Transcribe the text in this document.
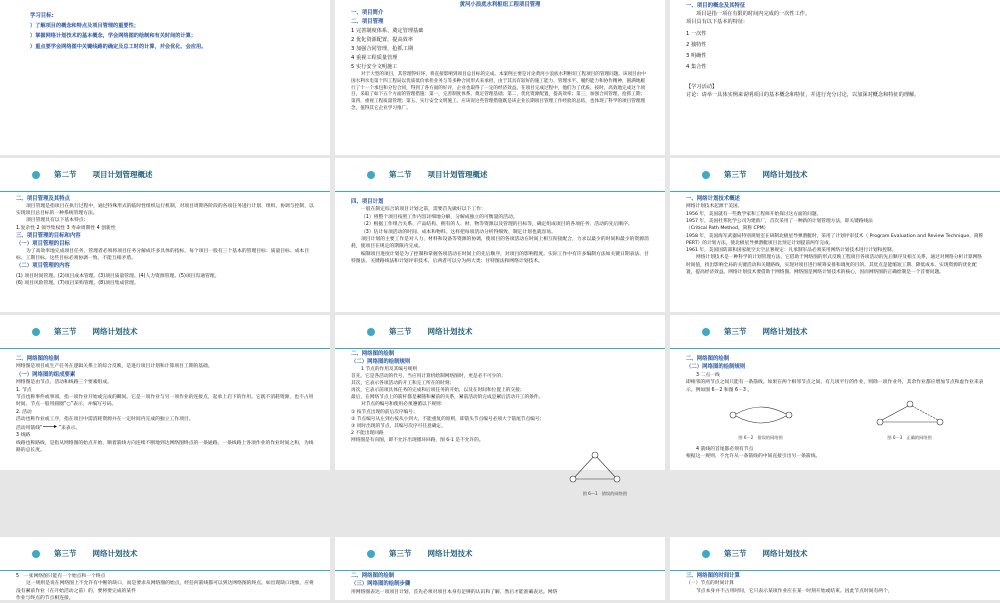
学习目标:
）了解项目的概念和特点及项目管理的重要性；
）掌握网络计划技术的基本概念，学会网络图的绘制和有关时间的计算；
）重点要学会网络图中关键线路的确定及总工时的计算，并会优化、会应用。
黄河小浪底水利枢纽工程项目管理
一、项目简介
二、项目管理
1 完善制度体系、奠定管理基础
2 优化资源配置，提高效率
3 加强合同管理，抢抓工期
4 重视工程质量管理
5 实行安全文明施工

对于大型的项目，其管理得好坏，将直接影响到项目总目标的完成。本案例主要是讨论黄河小浪底水利枢纽工程项目的管理问题。该项目由中国水利水电第十四工程局以优质低价承担业务与等多种合同形式来承担，由于其具有较好的施工能力、管理水平、履约能力和协作精神，圆满地履行了十一个承包和分包合同，得到了各方面的好评，企业也取得了一定的经济效益。在项目完成过程中，他们为了优质、按时、高效地完成这个项目，采取了如下五个方面的管理措施：第一，完善制度体系、奠定管理基础；第二，优化资源配置，提高效率；第三，加强合同管理，抢抓工期；第四，重视工程质量管理；第五，实行安全文明施工。应该说这些管理措施既是该企业长期项目管理工作经验的总结，也体现了科学的项目管理理念，值得其它企业学习推广。

一、项目的概念及其特征

项目是指一项在有限的时间内完成的一次性工作。

项目具有以下基本的特征:

1 一次性
2 独特性
3 明确性
4 集合性

【学习活动】

讨论：请举一具体实例来说明项目的基本概念和特征，并进行充分讨论，以加深对概念和特征的理解。

第二节 项目计划管理概述
二、项目管理及其特点

项目管理是指项目在执行过程中，通过特殊形式的临时性组织运行机制，对项目周期各阶段的各项任务进行计划、组织、协调与控制，以实现项目总目标的一种系统管理方法。

项目管理具有以下基本特点:

1.复杂性 2 领导集权性 3 寿命周期性 4 创新性

三、项目管理的目标和内容
（一）项目管理的目标

为了高效率地完成项目任务，管理者必须将项目任务分解成许多具体的指标，每个项目一般有三个基本的管理目标：质量目标、成本目标、工期目标。这些目标必须协调一致、不能互相矛盾。

（二）项目管理的内容

(1) 项目时间管理。(2)项目成本管理。(3)项目质量管理。(4)人力资源管理。(5)项目沟通管理。

(6) 项目风险管理。(7)项目采购管理。(8)项目集成管理。

第二节 项目计划管理概述
四、项目计划

一般在制定综合的项目计划之前，需要首先做好以下工作：

（1）将整个项目按照工作内容详细地分解，分解成独立的可衡量的活动。

（2）根据工作组合关系、产品结构、拥有的人、财、物等资源以及管理的目标等，确定组成项目的各项任务、活动的先后顺序。

（3）估计每项活动的时间、成本和物料。这样把每项活动分析得细致、制定计划也就容易。

项目计划的主要工作是对人力、材料和设备等资源的协调，使项目的各项活动在时间上相互衔接配合，力求以最少的时间和最少的资源消耗，使项目在规定的期限内完成。

编制项目进度计划是为了控制和掌握各项活动在时间上的先后顺序，对项目的影响程度。实际工作中有许多编制方法如关键日期表法、甘特图法、关键路线法和计划评审技术，后两者可以分为两大类：甘特图法和网络计划技术。

第三节 网络计划技术
一、网络计划技术概述

网络计划技术起源于美国。

1956 年，美国就有一些数学家和工程师开始探讨这方面的问题。

1957 年，美国杜邦化学公司为建新厂，首次采用了一种新的计划管理方法，即关键路线法

（Critical Path Method，简称 CPM）

1958 年，美国海军武器局特别规划室在研制北极星导弹潜艇时，采用了计划评审技术（ Program Evaluation and Review Technique，简称 PERT）的计划方法，使北极星导弹潜艇项目比预定计划提前两年完成。

1961 年，美国国防部和国家航空太空总署规定：凡承制军品必须采用网络计划技术进行计划和控制。

网络计划技术是一种科学的计划管理方法，它借助于网络图的形式反映工程项目各项活动的先后顺序及相互关系，通过对网络分析计算网络时间值，找出影响全局的关键活动和关键路线，实现对项目进行统筹安排和调度的目的。其优点是能缩短工期、降低成本、实现资源的优化配置，提高经济效益。网络计划技术要借助于网络图。网络图是网络计划技术的核心，因而网络图的正确绘制是一个首要问题。

第三节 网络计划技术
二、网络图的绘制

网络图是项目或生产任务在逻辑关系上的综合反映，是进行项目计划和计算项目工期的基础。

（一）网络图的组成要素

网络图是由节点、活动和线路三个要素组成。

1. 节点

节点也称事件或事项，指一项作业开始或完成的瞬间。它是一项作业与另一项作业的连接点，起承上启下的作用。它既不消耗资源，也不占用时间。节点一般用圆圈“○”表示，并编写号码。

2. 活动

活动也称作业或工序，指在项目中需消耗资源并在一定时间内完成的独立工作项目。

活动用箭线“	”来表示。

3 线路

线路也称路线，是指从网络图的始点开始，顺着箭线方向连续不断地到达网络图终点的一条通路。一条线路上各项作业的作业时间之和，为线路的总长度。

第三节 网络计划技术
二、网络图的绘制
（二）网络图的绘制规则

1 节点的作用及其编号规则

首先，它是各活动的代号，当应用计算机绘制网络图时，更是必不可少的；

其次，它表示各项活动的开工和完工所在的时刻；

再次，它表示前项具体任务的完成和后项任务的开始，以及在时间和位置上的交接；

最后，在网络节点上的箭杆都是紧随和紧前的关系，紧前活动的完成是紧后活动开工的条件。

对节点的编号和使用必须遵循以下规则：

① 按节点出现的前后次序编号；

② 节点编号从左到右按从小到大、不能重复的原则，即箭头节点编号必须大于箭尾节点编号；

③ 同时出现的节点，其编号次序可任意确定。

2 不能出现回路

网络图是有向图，即不允许出现循环回路，图 6-1 是不允许的。

图 6—1　错误的网络图
第三节 网络计划技术
二、网络图的绘制
（二）网络图的绘制规则

3 二点一线

即相邻的两节点之间只能有一条箭线。如果在两个相邻节点之间，有几项平行的作业，则除一项作业外，其余作业都应增加节点和虚作业来表示。例如图 6－2 和图 6－3 。

图 6－2　错误的网络图	图 6－3　正确的网络图

4 箭线的首尾都必须有节点

根据这一规则，不允许从一条箭线的中间直接引出另一条箭线。

第三节 网络计划技术

5　一张网络图只能有一个始点和一个终点

这一规则是说在网络图上不允许有中断的缺口，而是要求从网络图的始点，经任何箭线都可以到达网络图的终点。如出现缺口现象，应将没有紧前作业（在开始活动之前）的，要将要完成的某件

作业与终点的节点相连接。

第三节 网络计划技术
二、网络图的绘制
（三）网络图的绘制步骤

用网络图表达一项项目计划，首先必须对项目本身有足够的认识和了解，然后才能准确表达。网络

第三节 网络计划技术
三、网络图的时间计算
（一）节点的时间计算

节点本身并不占用时间，它只表示某项作业应在某一时刻开始或结束。因此节点时间有两个，
